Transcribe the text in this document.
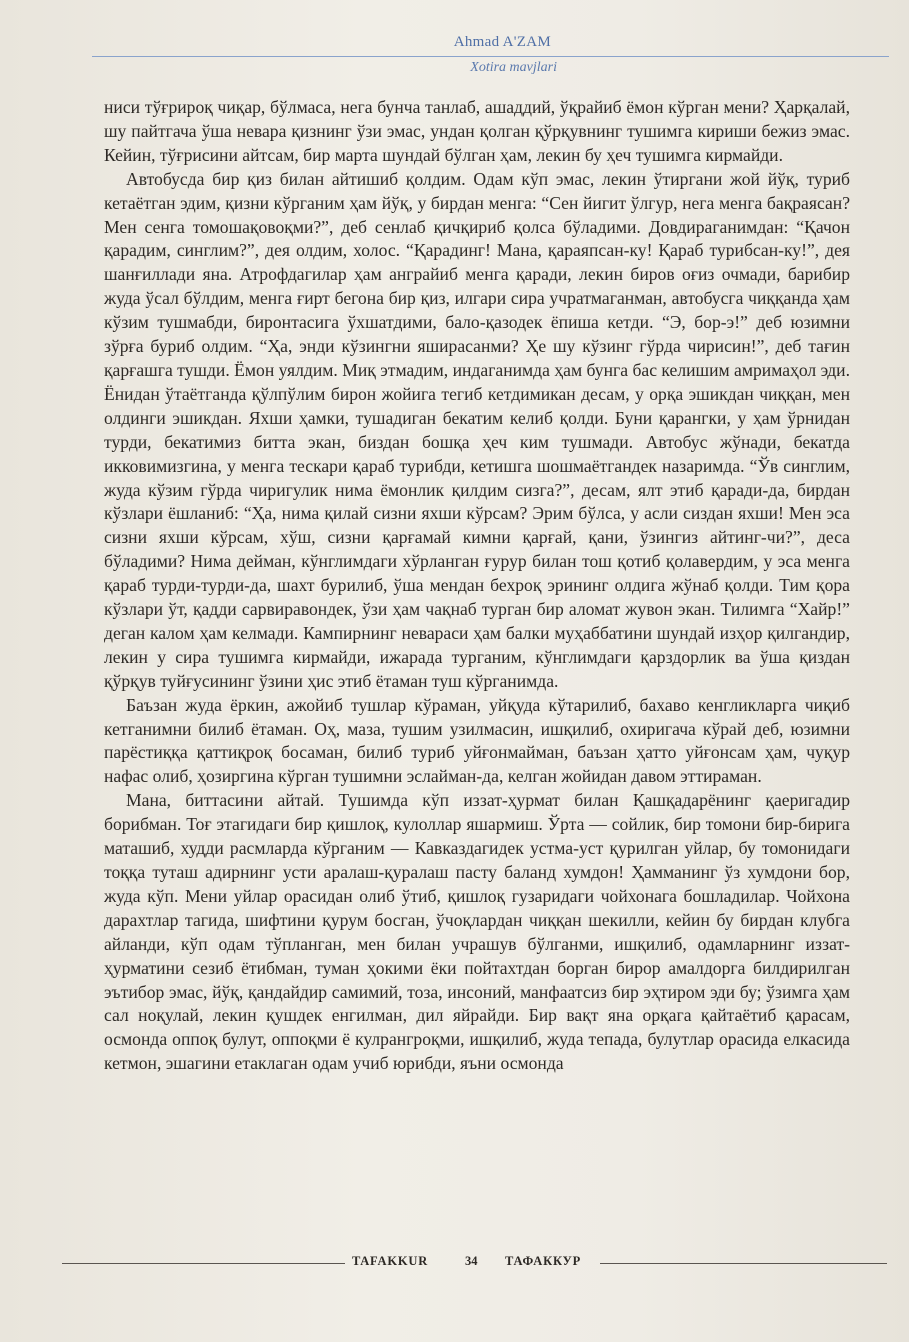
Ahmad A'ZAM
Xotira mavjlari

ниси тўғрироқ чиқар, бўлмаса, нега бунча танлаб, ашаддий, ўқрайиб ёмон кўрган мени? Ҳарқалай, шу пайтгача ўша невара қизнинг ўзи эмас, ундан қолган қўрқувнинг тушимга кириши бежиз эмас. Кейин, тўғрисини айтсам, бир марта шундай бўлган ҳам, лекин бу ҳеч тушимга кирмайди.

Автобусда бир қиз билан айтишиб қолдим. Одам кўп эмас, лекин ўтиргани жой йўқ, туриб кетаётган эдим, қизни кўрганим ҳам йўқ, у бирдан менга: “Сен йигит ўлгур, нега менга бақраясан? Мен сенга томошақовоқми?”, деб сенлаб қичқириб қолса бўладими. Довдираганимдан: “Қачон қарадим, синглим?”, дея олдим, холос. “Қарадинг! Мана, қараяпсан-ку! Қараб турибсан-ку!”, дея шанғиллади яна. Атрофдагилар ҳам анграйиб менга қаради, лекин биров оғиз очмади, барибир жуда ўсал бўлдим, менга ғирт бегона бир қиз, илгари сира учратмаганман, автобусга чиққанда ҳам кўзим тушмабди, биронтасига ўхшатдими, бало-қазодек ёпиша кетди. “Э, бор-э!” деб юзимни зўрға буриб олдим. “Ҳа, энди кўзингни яширасанми? Ҳе шу кўзинг гўрда чирисин!”, деб тағин қарғашга тушди. Ёмон уялдим. Миқ этмадим, индаганимда ҳам бунга бас келишим амримаҳол эди. Ёнидан ўтаётганда қўлпўлим бирон жойига тегиб кетдимикан десам, у орқа эшикдан чиққан, мен олдинги эшикдан. Яхши ҳамки, тушадиган бекатим келиб қолди. Буни қарангки, у ҳам ўрнидан турди, бекатимиз битта экан, биздан бошқа ҳеч ким тушмади. Автобус жўнади, бекатда икковимизгина, у менга тескари қараб турибди, кетишга шошмаётгандек назаримда. “Ўв синглим, жуда кўзим гўрда чиригулик нима ёмонлик қилдим сизга?”, десам, ялт этиб қаради-да, бирдан кўзлари ёшланиб: “Ҳа, нима қилай сизни яхши кўрсам? Эрим бўлса, у асли сиздан яхши! Мен эса сизни яхши кўрсам, хўш, сизни қарғамай кимни қарғай, қани, ўзингиз айтинг-чи?”, деса бўладими? Нима дейман, кўнглимдаги хўрланган ғурур билан тош қотиб қолавердим, у эса менга қараб турди-турди-да, шахт бурилиб, ўша мендан бехроқ эрининг олдига жўнаб қолди. Тим қора кўзлари ўт, қадди сарвиравондек, ўзи ҳам чақнаб турган бир аломат жувон экан. Тилимга “Хайр!” деган калом ҳам келмади. Кампирнинг невараси ҳам балки муҳаббатини шундай изҳор қилгандир, лекин у сира тушимга кирмайди, ижарада турганим, кўнглимдаги қарздорлик ва ўша қиздан қўрқув туйғусининг ўзини ҳис этиб ётаман туш кўрганимда.

Баъзан жуда ёркин, ажойиб тушлар кўраман, уйқуда кўтарилиб, бахаво кенгликларга чиқиб кетганимни билиб ётаман. Оҳ, маза, тушим узилмасин, ишқилиб, охиригача кўрай деб, юзимни парёстиққа қаттиқроқ босаман, билиб туриб уйғонмайман, баъзан ҳатто уйғонсам ҳам, чуқур нафас олиб, ҳозиргина кўрган тушимни эслайман-да, келган жойидан давом эттираман.

Мана, биттасини айтай. Тушимда кўп иззат-ҳурмат билан Қашқадарёнинг қаеригадир борибман. Тоғ этагидаги бир қишлоқ, кулоллар яшармиш. Ўрта — сойлик, бир томони бир-бирига маташиб, худди расмларда кўрганим — Кавказдагидек устма-уст қурилган уйлар, бу томонидаги тоққа туташ адирнинг усти аралаш-қуралаш пасту баланд хумдон! Ҳамманинг ўз хумдони бор, жуда кўп. Мени уйлар орасидан олиб ўтиб, қишлоқ гузаридаги чойхонага бошладилар. Чойхона дарахтлар тагида, шифтини қурум босган, ўчоқлардан чиққан шекилли, кейин бу бирдан клубга айланди, кўп одам тўпланган, мен билан учрашув бўлганми, ишқилиб, одамларнинг иззат-ҳурматини сезиб ётибман, туман ҳокими ёки пойтахтдан борган бирор амалдорга билдирилган эътибор эмас, йўқ, қандайдир самимий, тоза, инсоний, манфаатсиз бир эҳтиром эди бу; ўзимга ҳам сал ноқулай, лекин қушдек енгилман, дил яйрайди. Бир вақт яна орқага қайтаётиб қарасам, осмонда оппоқ булут, оппоқми ё кулрангроқми, ишқилиб, жуда тепада, булутлар орасида елкасида кетмон, эшагини етаклаган одам учиб юрибди, яъни осмонда

TAFAKKUR	34 ТАФАККУР
